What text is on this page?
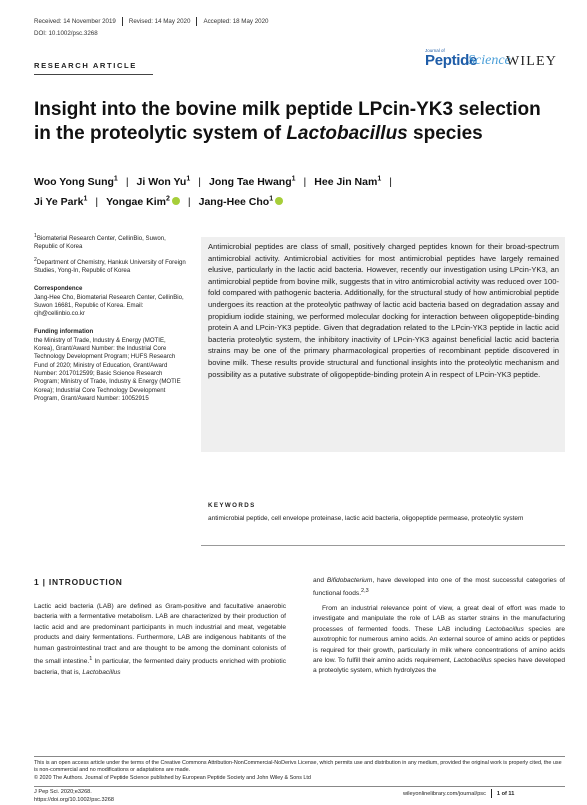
Received: 14 November 2019 Revised: 14 May 2020 Accepted: 18 May 2020
DOI: 10.1002/psc.3268
RESEARCH ARTICLE
Journal of
Peptide
Science
WILEY
Insight into the bovine milk peptide LPcin-YK3 selection in the proteolytic system of Lactobacillus species
Woo Yong Sung$^1$ | Ji Won Yu$^1$ | Jong Tae Hwang$^1$ | Hee Jin Nam$^1$ |
Ji Ye Park$^1$ | Yongae Kim$^2$ | Jang-Hee Cho$^1$

$^1$Biomaterial Research Center, CellinBio, Suwon, Republic of Korea

$^2$Department of Chemistry, Hankuk University of Foreign Studies, Yong-In, Republic of Korea

Correspondence

Jang-Hee Cho, Biomaterial Research Center, CellinBio, Suwon 16681, Republic of Korea. Email: cjh@cellinbio.co.kr

Funding information

the Ministry of Trade, Industry & Energy (MOTIE, Korea), Grant/Award Number: the Industrial Core Technology Development Program; HUFS Research Fund of 2020; Ministry of Education, Grant/Award Number: 2017012599; Basic Science Research Program; Ministry of Trade, Industry & Energy (MOTIE Korea); Industrial Core Technology Development Program, Grant/Award Number: 10052915

Antimicrobial peptides are class of small, positively charged peptides known for their broad-spectrum antimicrobial activity. Antimicrobial activities for most antimicrobial peptides have largely remained elusive, particularly in the lactic acid bacteria. However, recently our investigation using LPcin-YK3, an antimicrobial peptide from bovine milk, suggests that in vitro antimicrobial activity was reduced over 100-fold compared with pathogenic bacteria. Additionally, for the structural study of how antimicrobial peptide undergoes its reaction at the proteolytic pathway of lactic acid bacteria based on degradation assay and propidium iodide staining, we performed molecular docking for interaction between oligopeptide-binding protein A and LPcin-YK3 peptide. Given that degradation related to the LPcin-YK3 peptide in lactic acid bacteria proteolytic system, the inhibitory inactivity of LPcin-YK3 against beneficial lactic acid bacteria strains may be one of the primary pharmacological properties of recombinant peptide discovered in bovine milk. These results provide structural and functional insights into the proteolytic mechanism and possibility as a putative substrate of oligopeptide-binding protein A in respect of LPcin-YK3 peptide.
KEYWORDS
antimicrobial peptide, cell envelope proteinase, lactic acid bacteria, oligopeptide permease, proteolytic system
1 | INTRODUCTION

Lactic acid bacteria (LAB) are defined as Gram-positive and facultative anaerobic bacteria with a fermentative metabolism. LAB are characterized by their production of lactic acid and are predominant participants in much industrial and meat, vegetable products and dairy fermentations. Furthermore, LAB are indigenous habitants of the human gastrointestinal tract and are thought to be among the dominant colonists of the small intestine.$^1$ In particular, the fermented dairy products enriched with probiotic bacteria, that is, Lactobacillus

and Bifidobacterium, have developed into one of the most successful categories of functional foods.$^{2,3}$

From an industrial relevance point of view, a great deal of effort was made to investigate and manipulate the role of LAB as starter strains in the manufacturing processes of fermented foods. These LAB including Lactobacillus species are auxotrophic for numerous amino acids. An external source of amino acids or peptides is required for their growth, particularly in milk where concentrations of amino acids are low. To fulfill their amino acids requirement, Lactobacillus species have developed a proteolytic system, which hydrolyzes the

This is an open access article under the terms of the Creative Commons Attribution-NonCommercial-NoDerivs License, which permits use and distribution in any medium, provided the original work is properly cited, the use is non-commercial and no modifications or adaptations are made.
© 2020 The Authors. Journal of Peptide Science published by European Peptide Society and John Wiley & Sons Ltd
J Pep Sci. 2020;e3268.
https://doi.org/10.1002/psc.3268
wileyonlinelibrary.com/journal/psc 1 of 11
